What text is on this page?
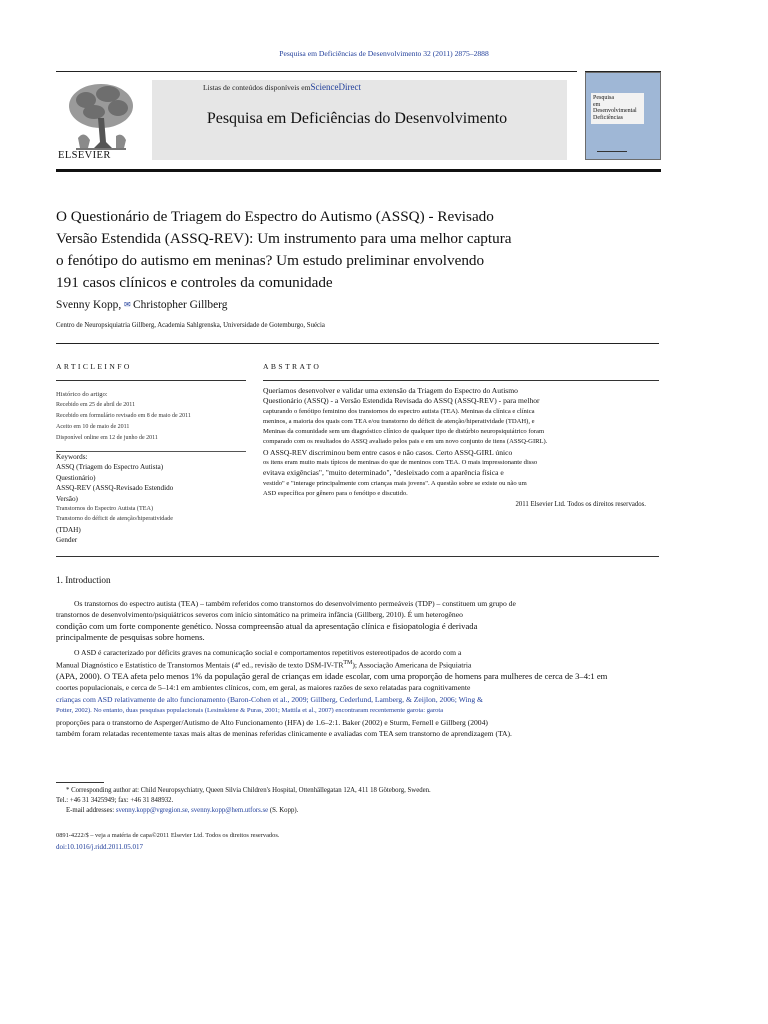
Pesquisa em Deficiências de Desenvolvimento 32 (2011) 2875–2888
ELSEVIER
Listas de conteúdos disponíveis emScienceDirect
Pesquisa em Deficiências do Desenvolvimento
Pesquisa
em
Desenvolvimental
Deficiências
O Questionário de Triagem do Espectro do Autismo (ASSQ) - Revisado
Versão Estendida (ASSQ-REV): Um instrumento para uma melhor captura
o fenótipo do autismo em meninas? Um estudo preliminar envolvendo
191 casos clínicos e controles da comunidade
Svenny Kopp, ✉ Christopher Gillberg
Centro de Neuropsiquiatria Gillberg, Academia Sahlgrenska, Universidade de Gotemburgo, Suécia
ARTICLEINFO
Histórico do artigo:
Recebido em 25 de abril de 2011
Recebido em formulário revisado em 8 de maio de 2011
Aceito em 10 de maio de 2011
Disponível online em 12 de junho de 2011
Keywords:
ASSQ (Triagem do Espectro Autista)
Questionário)
ASSQ-REV (ASSQ-Revisado Estendido
Versão)
Transtornos do Espectro Autista (TEA)
Transtorno do déficit de atenção/hiperatividade
(TDAH)
Gender
ABSTRATO
Queríamos desenvolver e validar uma extensão da Triagem do Espectro do Autismo
Questionário (ASSQ) - a Versão Estendida Revisada do ASSQ (ASSQ-REV) - para melhor
capturando o fenótipo feminino dos transtornos do espectro autista (TEA). Meninas da clínica e clínica
meninos, a maioria dos quais com TEA e/ou transtorno do déficit de atenção/hiperatividade (TDAH), e
Meninas da comunidade sem um diagnóstico clínico de qualquer tipo de distúrbio neuropsiquiátrico foram
comparado com os resultados do ASSQ avaliado pelos pais e em um novo conjunto de itens (ASSQ-GIRL).
O ASSQ-REV discriminou bem entre casos e não casos. Certo ASSQ-GIRL único
os itens eram muito mais típicos de meninas do que de meninos com TEA. O mais impressionante disso
evitava exigências", "muito determinado", "desleixado com a aparência física e
vestido" e "interage principalmente com crianças mais jovens". A questão sobre se existe ou não um
ASD específica por gênero para o fenótipo e discutido.
2011 Elsevier Ltd. Todos os direitos reservados.
1. Introduction

Os transtornos do espectro autista (TEA) – também referidos como transtornos do desenvolvimento permeáveis (TDP) – constituem um grupo de

transtornos de desenvolvimento/psiquiátricos severos com início sintomático na primeira infância (Gillberg, 2010). É um heterogêneo

condição com um forte componente genético. Nossa compreensão atual da apresentação clínica e fisiopatologia é derivada

principalmente de pesquisas sobre homens.

O ASD é caracterizado por déficits graves na comunicação social e comportamentos repetitivos estereotipados de acordo com a

Manual Diagnóstico e Estatístico de Transtornos Mentais (4ª ed., revisão de texto DSM-IV-TR™); Associação Americana de Psiquiatria

(APA, 2000). O TEA afeta pelo menos 1% da população geral de crianças em idade escolar, com uma proporção de homens para mulheres de cerca de 3–4:1 em

coortes populacionais, e cerca de 5–14:1 em ambientes clínicos, com, em geral, as maiores razões de sexo relatadas para cognitivamente

crianças com ASD relativamente de alto funcionamento (Baron-Cohen et al., 2009; Gillberg, Cederlund, Lamberg, & Zeijlon, 2006; Wing &

Potter, 2002). No entanto, duas pesquisas populacionais (Lesinskiene & Puras, 2001; Mattila et al., 2007) encontraram recentemente garota: garota

proporções para o transtorno de Asperger/Autismo de Alto Funcionamento (HFA) de 1.6–2:1. Baker (2002) e Sturm, Fernell e Gillberg (2004)

também foram relatadas recentemente taxas mais altas de meninas referidas clinicamente e avaliadas com TEA sem transtorno de aprendizagem (TA).

* Corresponding author at: Child Neuropsychiatry, Queen Silvia Children's Hospital, Ottenhällegatan 12A, 411 18 Göteborg, Sweden.
Tel.: +46 31 3425949; fax: +46 31 848932.
E-mail addresses: svenny.kopp@vgregion.se, svenny.kopp@hem.utfors.se (S. Kopp).
0891-4222/$ – veja a matéria de capa©2011 Elsevier Ltd. Todos os direitos reservados.
doi:10.1016/j.ridd.2011.05.017
